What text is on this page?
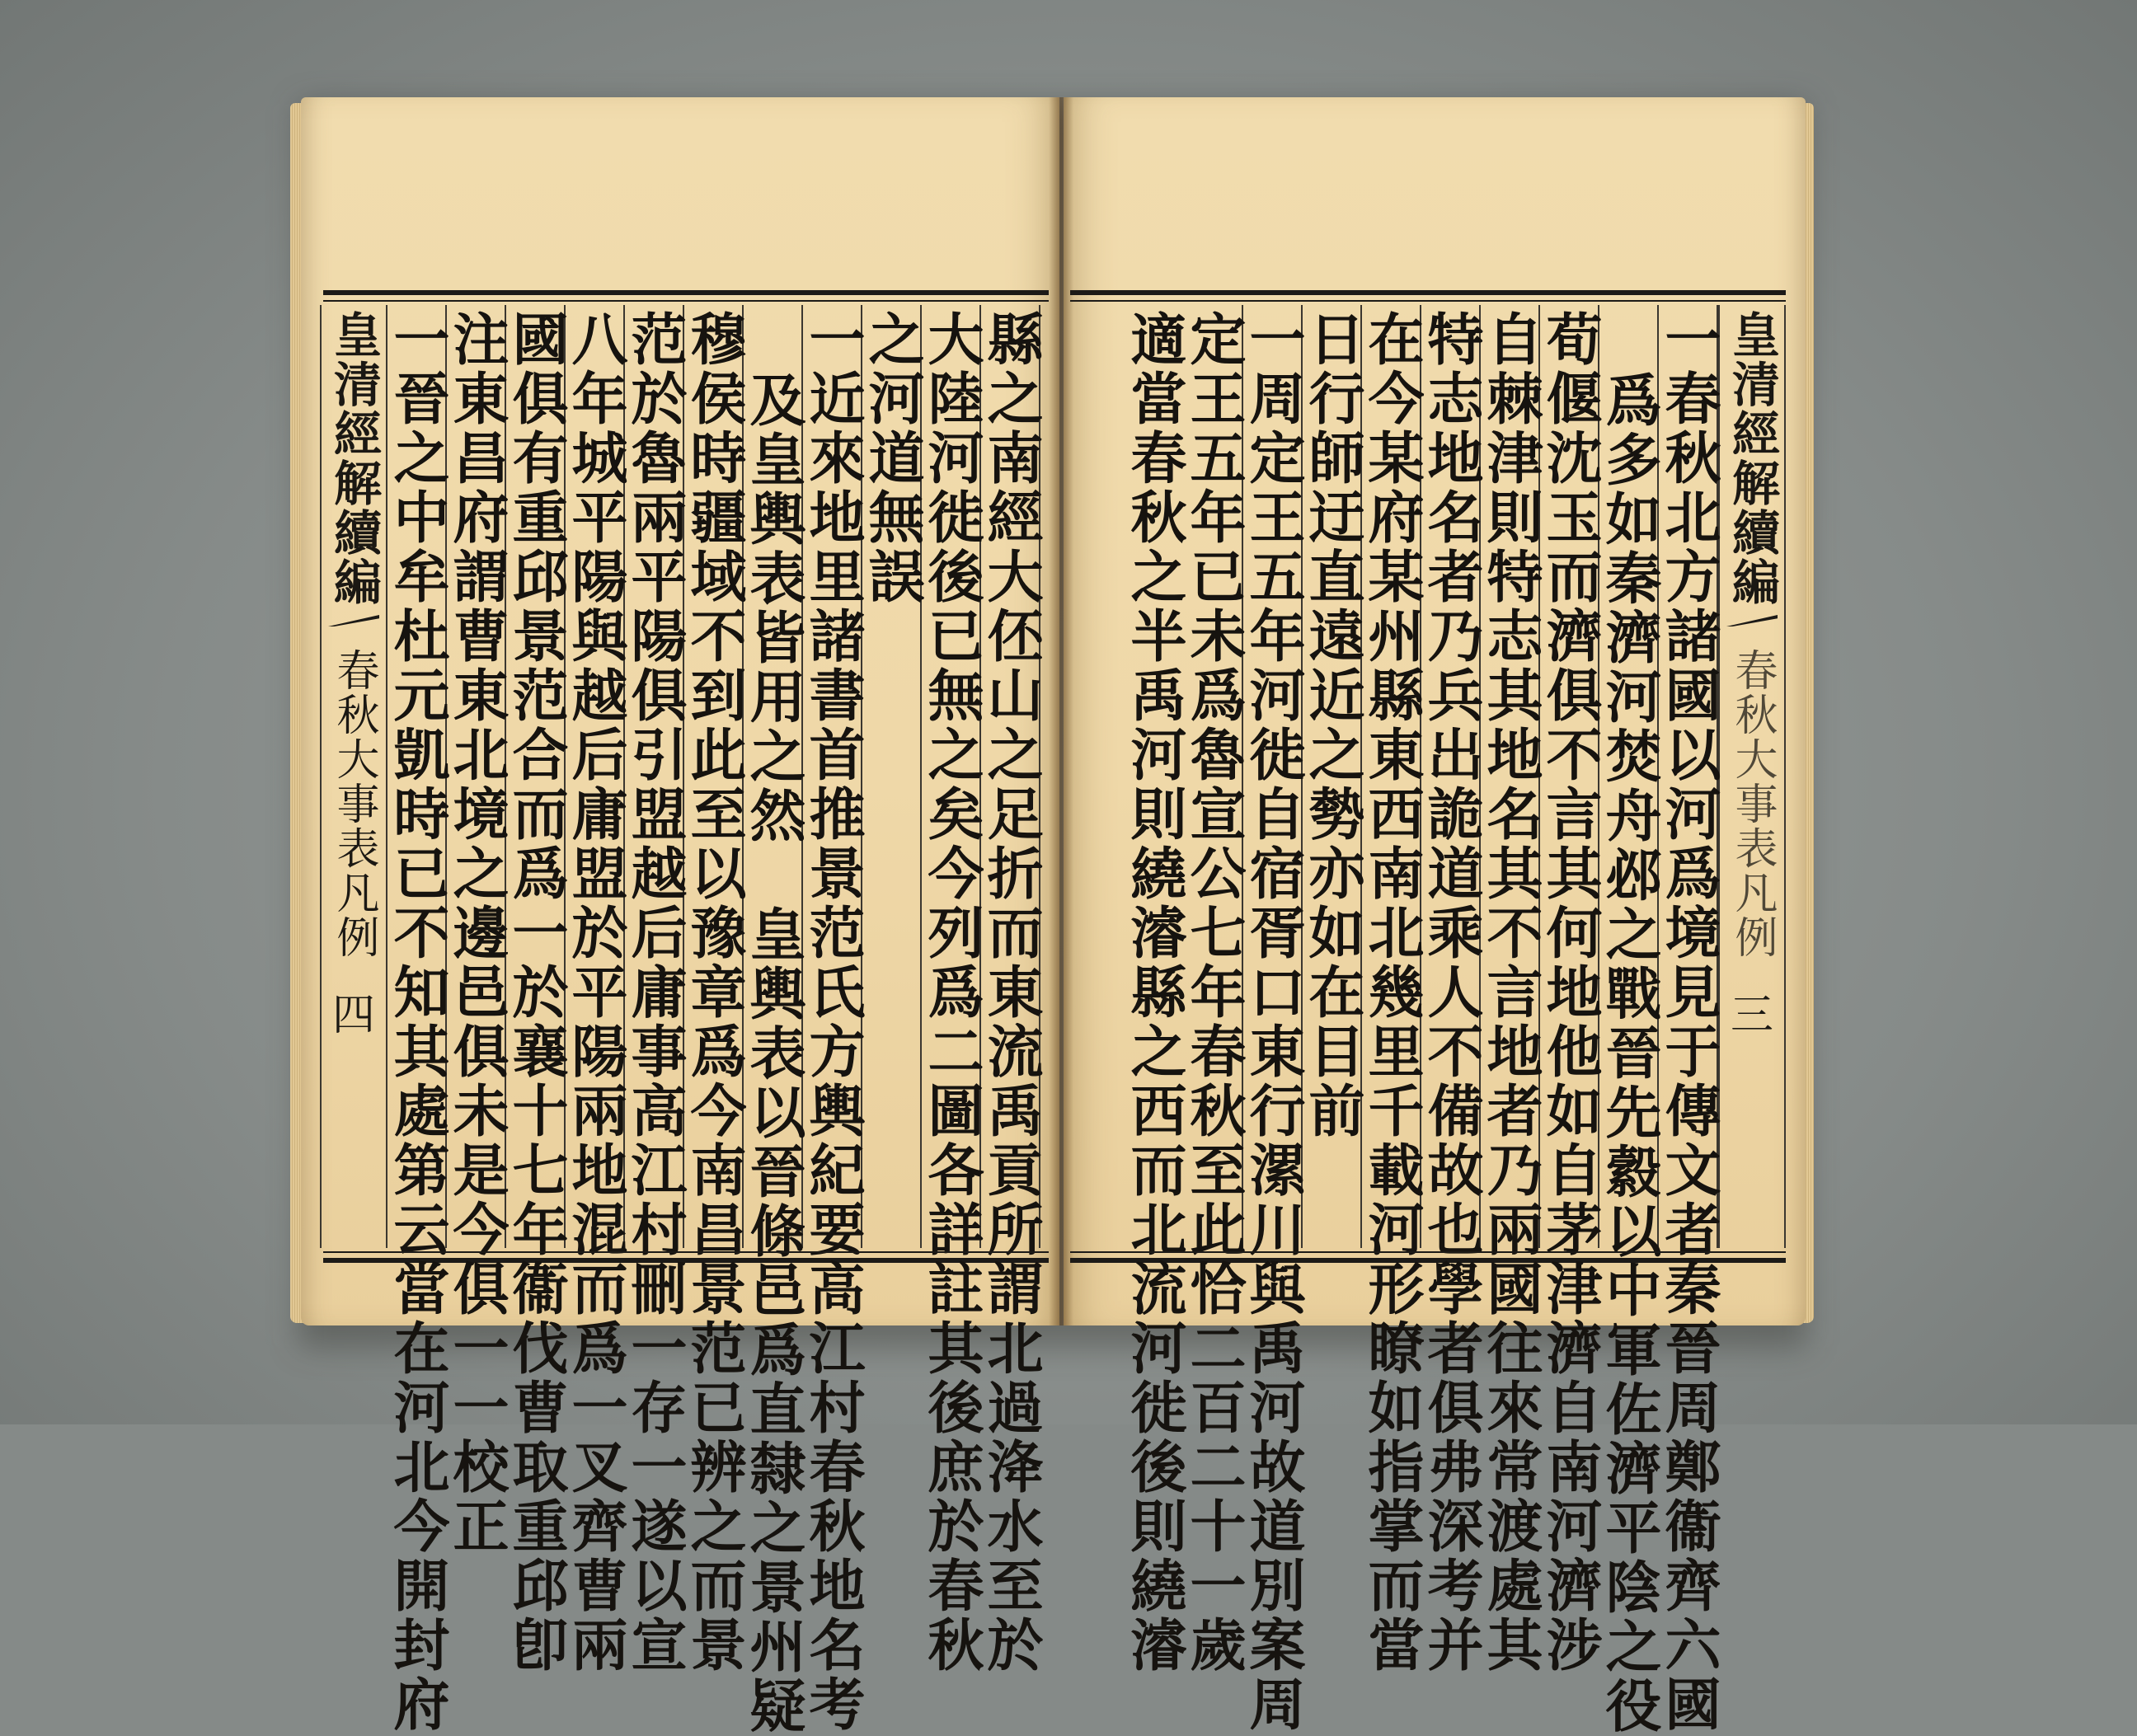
縣之南經大伾山之足折而東流禹貢所謂北過洚水至於
大陸河徙後已無之矣今列爲二圖各詳註其後庶於春秋
之河道無誤
一近來地里諸書首推景范氏方輿紀要高江村春秋地名考
及皇輿表皆用之然　皇輿表以晉條邑爲直隸之景州疑
穆侯時疆域不到此至以豫章爲今南昌景范已辨之而景
范於魯兩平陽俱引盟越后庸事高江村刪一存一遂以宣
八年城平陽與越后庸盟於平陽兩地混而爲一叉齊曹兩
國俱有重邱景范合而爲一於襄十七年衞伐曹取重邱卽
注東昌府謂曹東北境之邊邑俱未是今俱一一校正
一晉之中牟杜元凱時已不知其處第云當在河北今開封府
皇清經解續編
春秋大事表凡例
四
皇清經解續編
春秋大事表凡例
三
一春秋北方諸國以河爲境見于傳文者秦晉周鄭衞齊六國
爲多如秦濟河焚舟邲之戰晉先縠以中軍佐濟平陰之役
荀偃沈玉而濟俱不言其何地他如自茅津濟自南河濟涉
自棘津則特志其地名其不言地者乃兩國往來常渡處其
特志地名者乃兵出詭道乘人不備故也學者俱弗深考并
在今某府某州縣東西南北幾里千載河形瞭如指掌而當
日行師迂直遠近之勢亦如在目前
一周定王五年河徙自宿胥口東行漯川與禹河故道別案周
定王五年已未爲魯宣公七年春秋至此恰二百二十一歲
適當春秋之半禹河則繞濬縣之西而北流河徙後則繞濬
